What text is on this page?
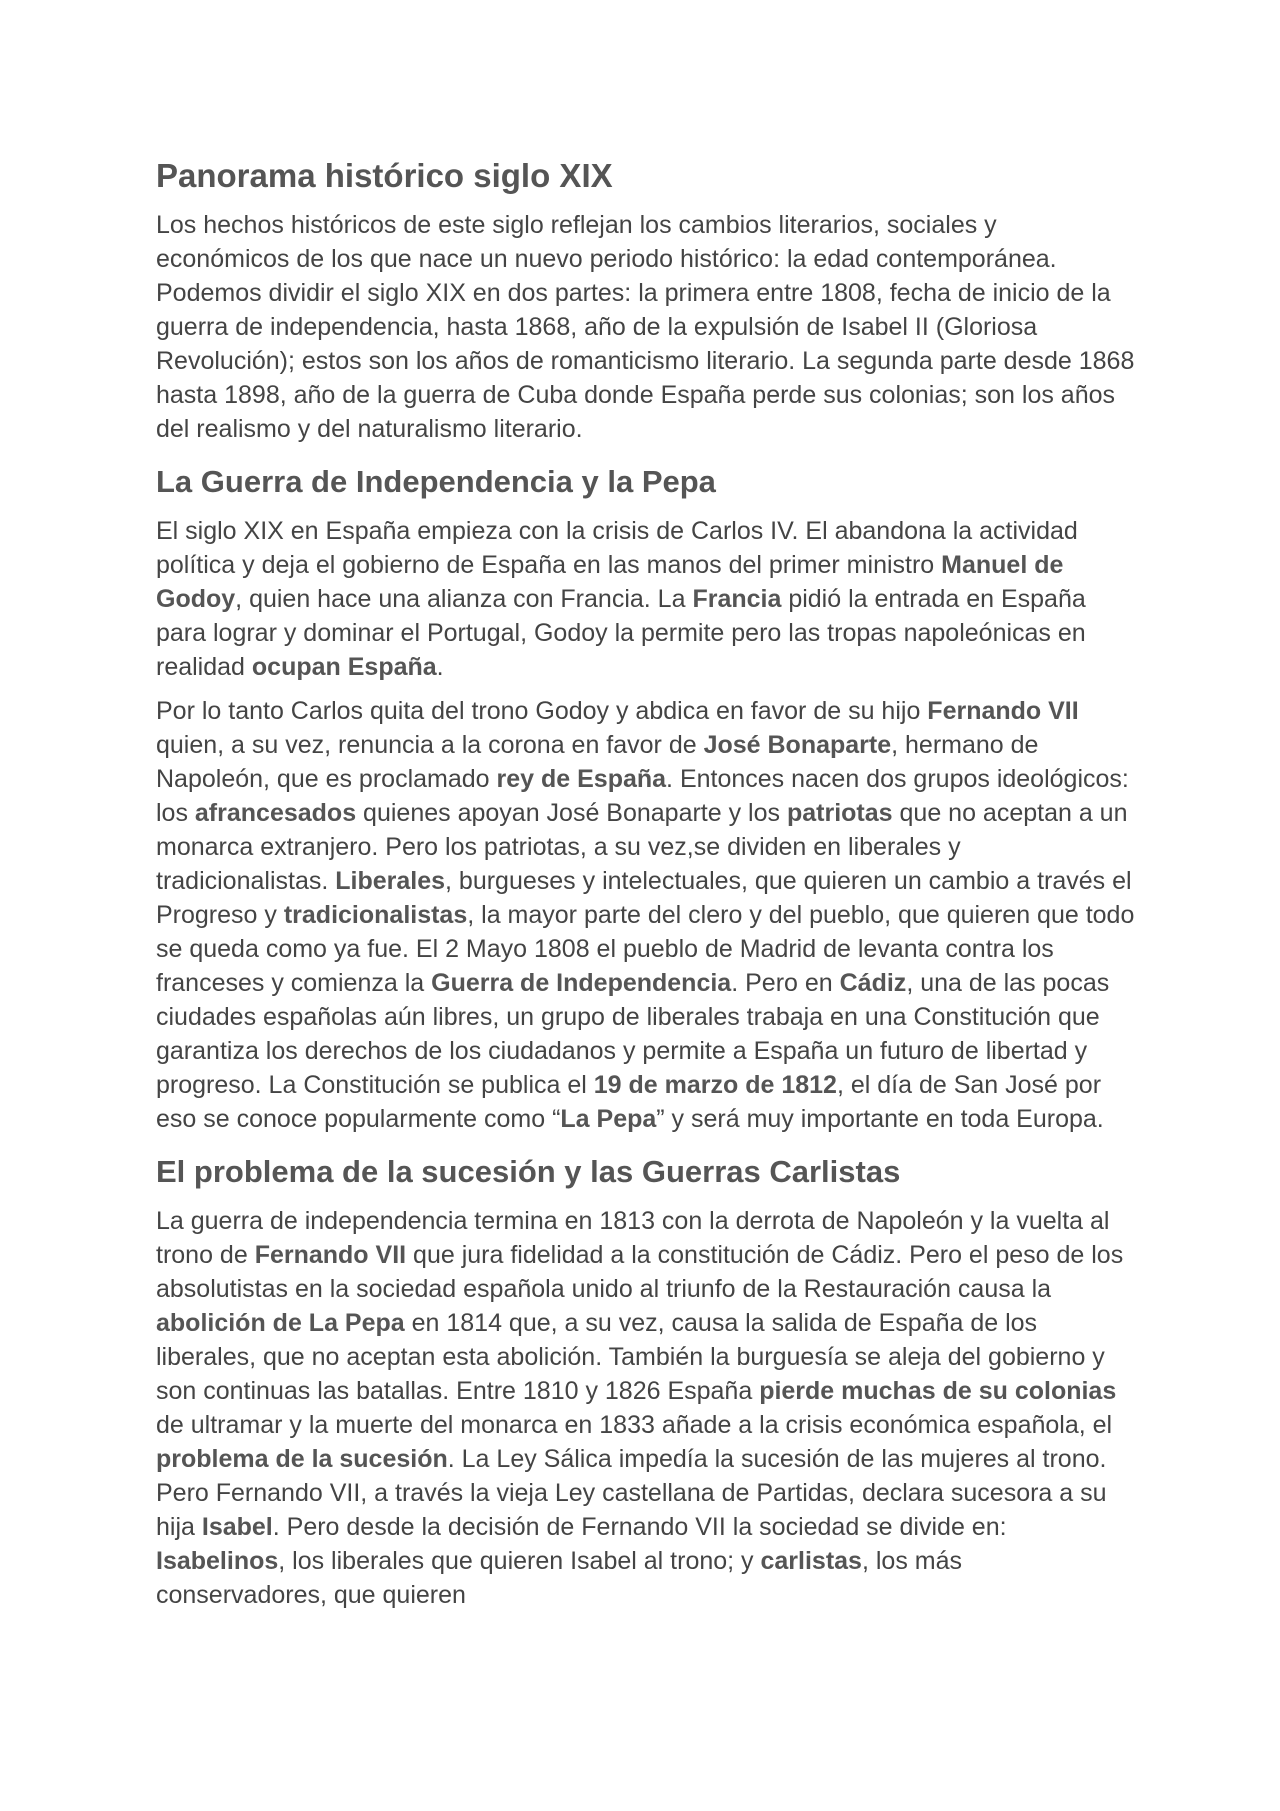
Panorama histórico siglo XIX

Los hechos históricos de este siglo reflejan los cambios literarios, sociales y económicos de los que nace un nuevo periodo histórico: la edad contemporánea. Podemos dividir el siglo XIX en dos partes: la primera entre 1808, fecha de inicio de la guerra de independencia, hasta 1868, año de la expulsión de Isabel II (Gloriosa Revolución); estos son los años de romanticismo literario. La segunda parte desde 1868 hasta 1898, año de la guerra de Cuba donde España perde sus colonias; son los años del realismo y del naturalismo literario.

La Guerra de Independencia y la Pepa

El siglo XIX en España empieza con la crisis de Carlos IV. El abandona la actividad política y deja el gobierno de España en las manos del primer ministro Manuel de Godoy, quien hace una alianza con Francia. La Francia pidió la entrada en España para lograr y dominar el Portugal, Godoy la permite pero las tropas napoleónicas en realidad ocupan España.

Por lo tanto Carlos quita del trono Godoy y abdica en favor de su hijo Fernando VII quien, a su vez, renuncia a la corona en favor de José Bonaparte, hermano de Napoleón, que es proclamado rey de España. Entonces nacen dos grupos ideológicos: los afrancesados quienes apoyan José Bonaparte y los patriotas que no aceptan a un monarca extranjero. Pero los patriotas, a su vez,se dividen en liberales y tradicionalistas. Liberales, burgueses y intelectuales, que quieren un cambio a través el Progreso y tradicionalistas, la mayor parte del clero y del pueblo, que quieren que todo se queda como ya fue. El 2 Mayo 1808 el pueblo de Madrid de levanta contra los franceses y comienza la Guerra de Independencia. Pero en Cádiz, una de las pocas ciudades españolas aún libres, un grupo de liberales trabaja en una Constitución que garantiza los derechos de los ciudadanos y permite a España un futuro de libertad y progreso. La Constitución se publica el 19 de marzo de 1812, el día de San José por eso se conoce popularmente como “La Pepa” y será muy importante en toda Europa.

El problema de la sucesión y las Guerras Carlistas

La guerra de independencia termina en 1813 con la derrota de Napoleón y la vuelta al trono de Fernando VII que jura fidelidad a la constitución de Cádiz. Pero el peso de los absolutistas en la sociedad española unido al triunfo de la Restauración causa la abolición de La Pepa en 1814 que, a su vez, causa la salida de España de los liberales, que no aceptan esta abolición. También la burguesía se aleja del gobierno y son continuas las batallas. Entre 1810 y 1826 España pierde muchas de su colonias de ultramar y la muerte del monarca en 1833 añade a la crisis económica española, el problema de la sucesión. La Ley Sálica impedía la sucesión de las mujeres al trono. Pero Fernando VII, a través la vieja Ley castellana de Partidas, declara sucesora a su hija Isabel. Pero desde la decisión de Fernando VII la sociedad se divide en: Isabelinos, los liberales que quieren Isabel al trono; y carlistas, los más conservadores, que quieren
